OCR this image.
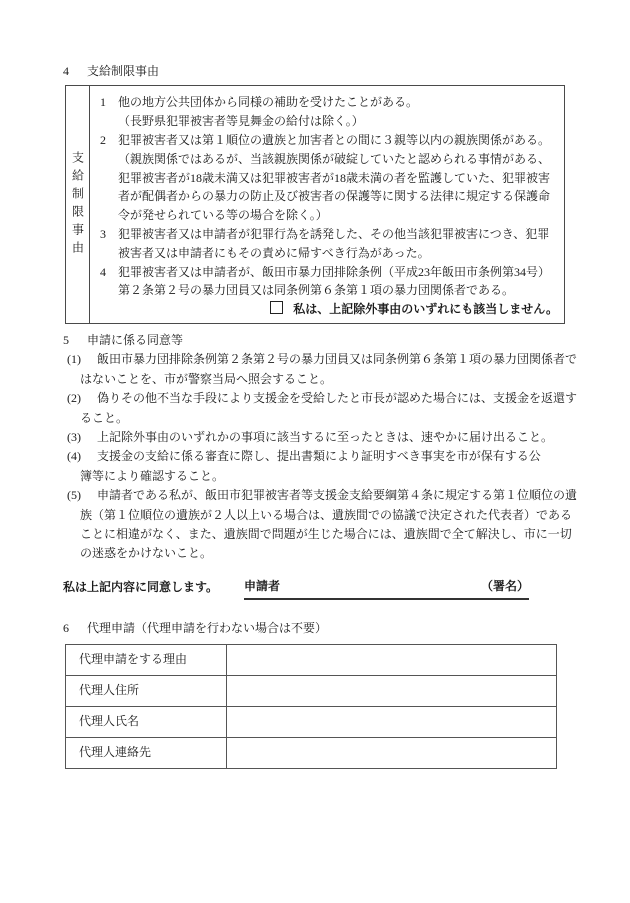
4	支給制限事由
支給制限事由
1	他の地方公共団体から同様の補助を受けたことがある。
（長野県犯罪被害者等見舞金の給付は除く。）
2	犯罪被害者又は第１順位の遺族と加害者との間に３親等以内の親族関係がある。
（親族関係ではあるが、当該親族関係が破綻していたと認められる事情がある、
犯罪被害者が18歳未満又は犯罪被害者が18歳未満の者を監護していた、犯罪被害
者が配偶者からの暴力の防止及び被害者の保護等に関する法律に規定する保護命
令が発せられている等の場合を除く。）
3	犯罪被害者又は申請者が犯罪行為を誘発した、その他当該犯罪被害につき、犯罪
被害者又は申請者にもその責めに帰すべき行為があった。
4	犯罪被害者又は申請者が、飯田市暴力団排除条例（平成23年飯田市条例第34号）
第２条第２号の暴力団員又は同条例第６条第１項の暴力団関係者である。
私は、上記除外事由のいずれにも該当しません。
5	申請に係る同意等
(1) 飯田市暴力団排除条例第２条第２号の暴力団員又は同条例第６条第１項の暴力団関係者で
はないことを、市が警察当局へ照会すること。
(2) 偽りその他不当な手段により支援金を受給したと市長が認めた場合には、支援金を返還す
ること。
(3) 上記除外事由のいずれかの事項に該当するに至ったときは、速やかに届け出ること。
(4) 支援金の支給に係る審査に際し、提出書類により証明すべき事実を市が保有する公
簿等により確認すること。
(5) 申請者である私が、飯田市犯罪被害者等支援金支給要綱第４条に規定する第１位順位の遺
族（第１位順位の遺族が２人以上いる場合は、遺族間での協議で決定された代表者）である
ことに相違がなく、また、遺族間で問題が生じた場合には、遺族間で全て解決し、市に一切
の迷惑をかけないこと。
私は上記内容に同意します。 申請者	（署名）
6	代理申請（代理申請を行わない場合は不要）
代理申請をする理由	
代理人住所	
代理人氏名	
代理人連絡先	
